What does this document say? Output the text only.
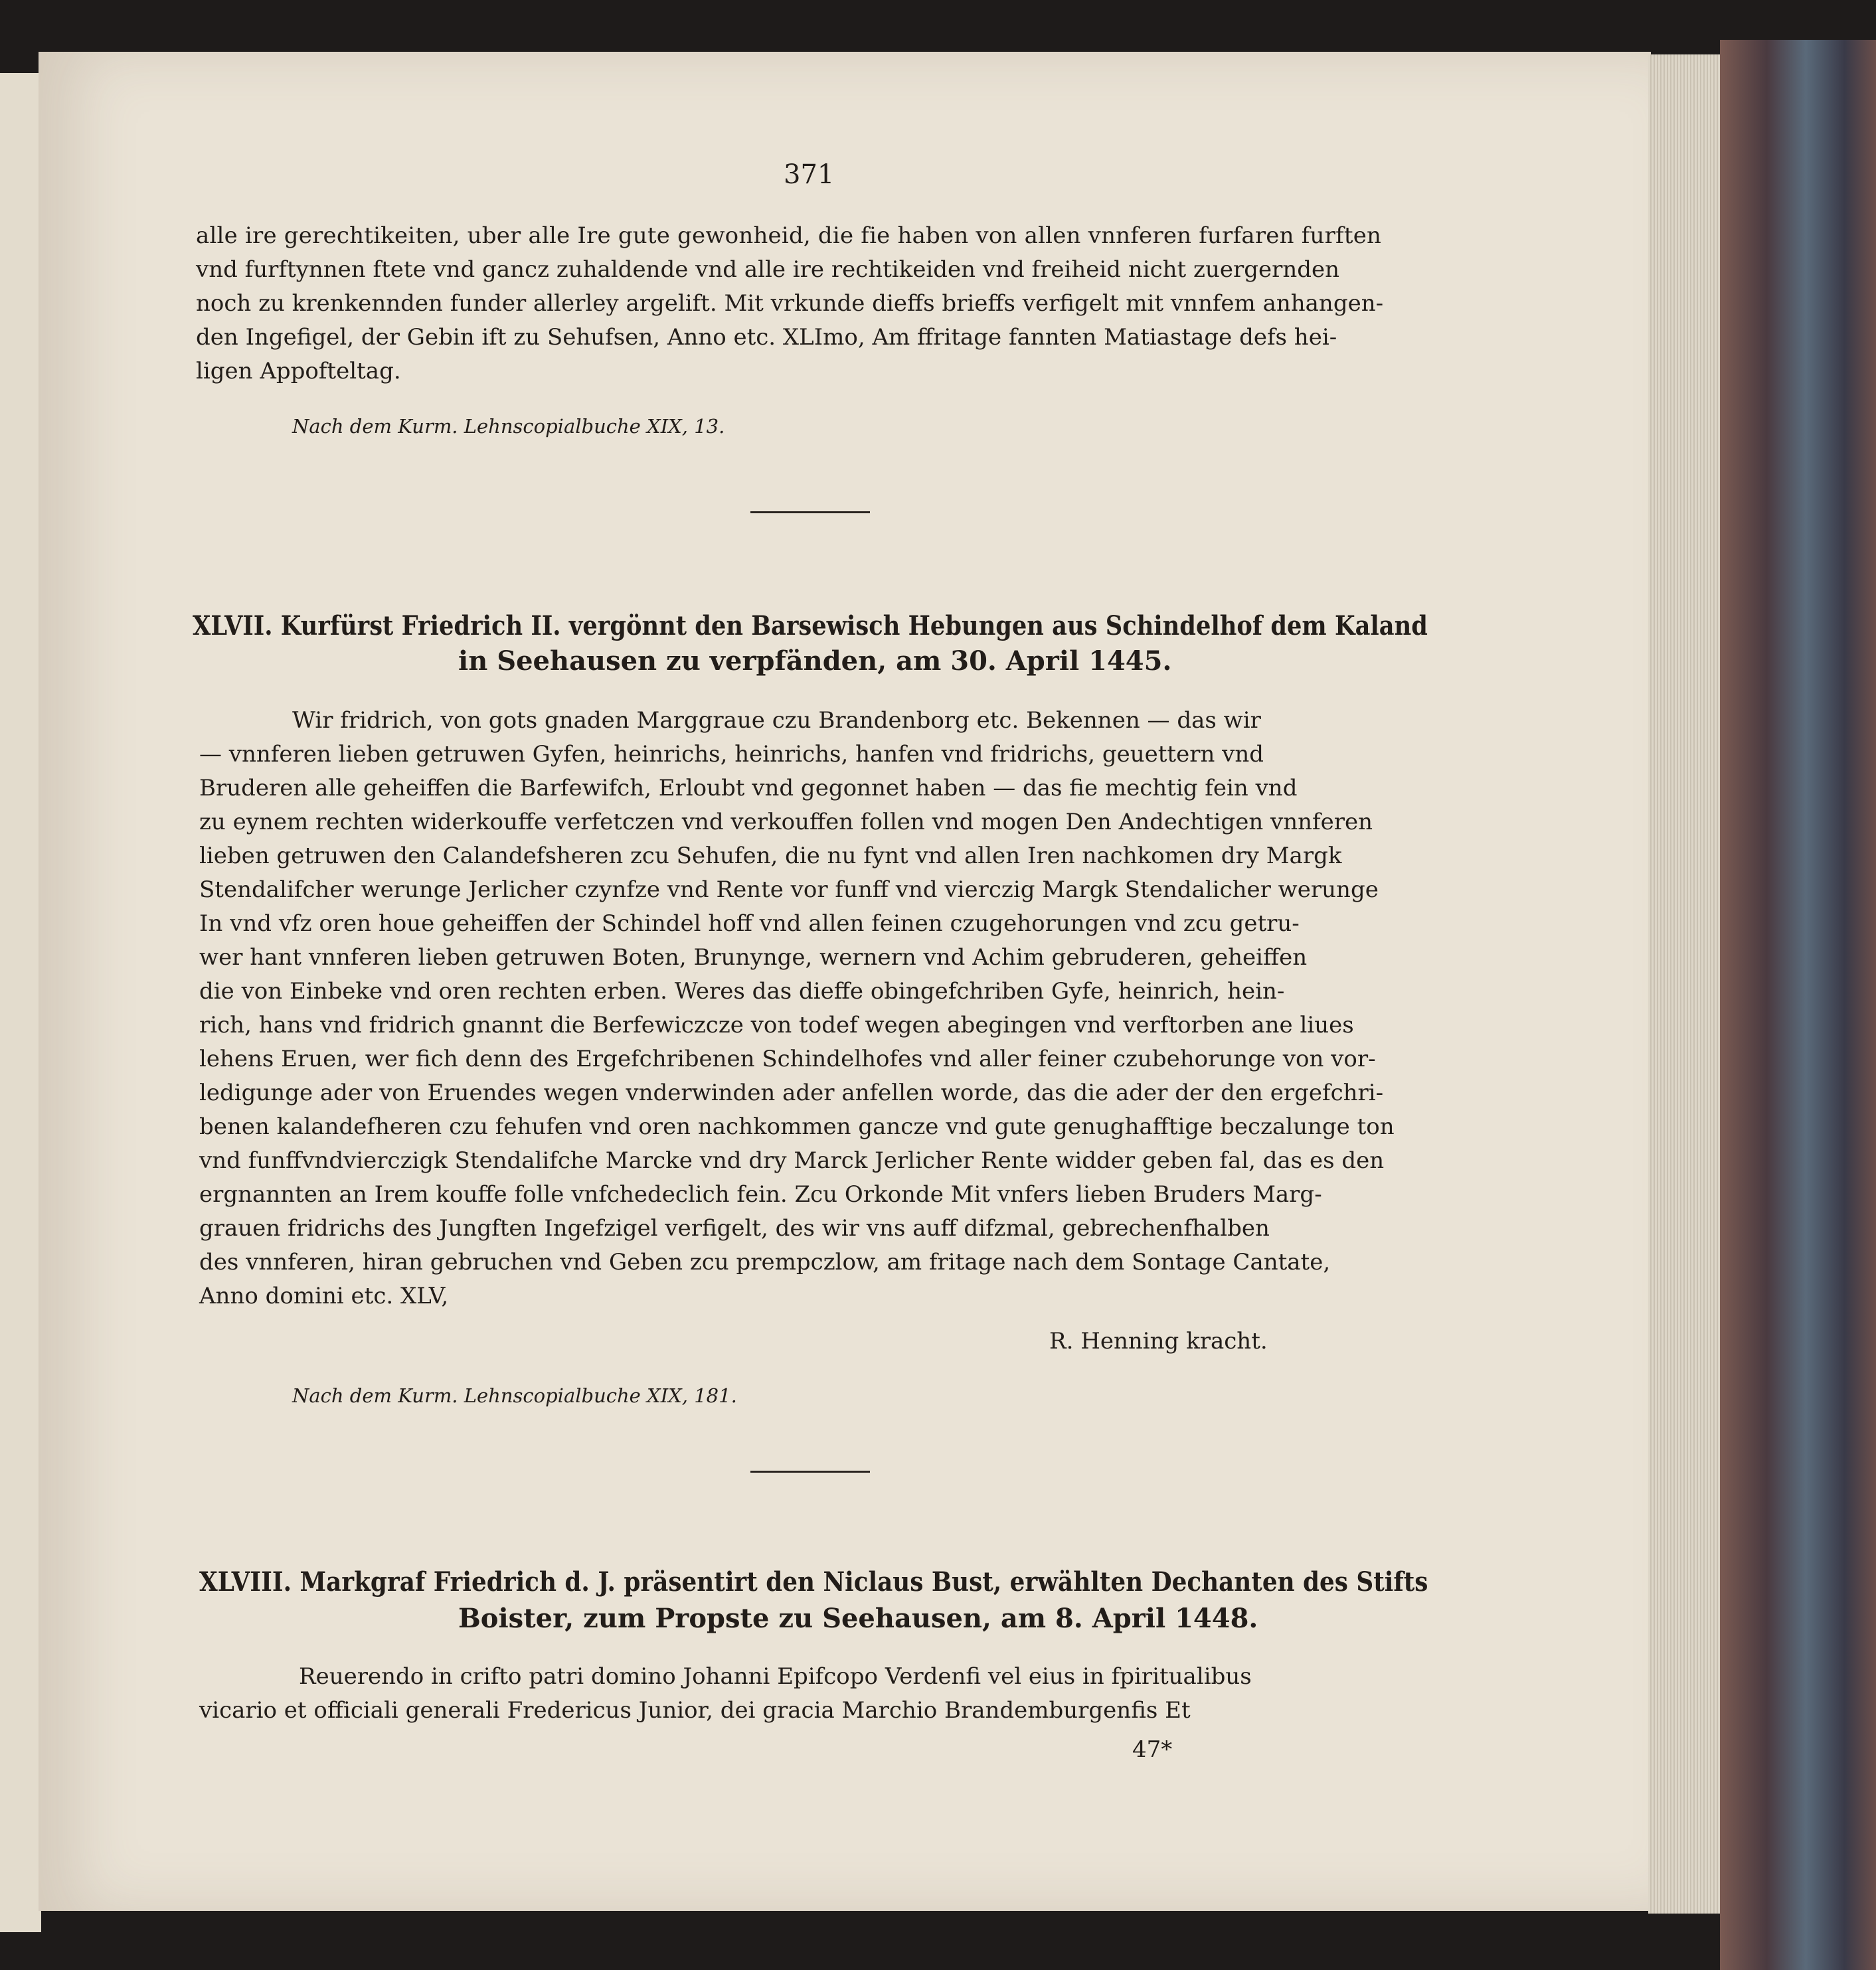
371
alle ire gerechtikeiten, uber alle Ire gute gewonheid, die fie haben von allen vnnferen furfaren furften
vnd furftynnen ftete vnd gancz zuhaldende vnd alle ire rechtikeiden vnd freiheid nicht zuergernden
noch zu krenkennden funder allerley argelift. Mit vrkunde dieffs brieffs verfigelt mit vnnfem anhangen-
den Ingefigel, der Gebin ift zu Sehufsen, Anno etc. XLImo, Am ffritage fannten Matiastage defs hei-
ligen Appofteltag.
Nach dem Kurm. Lehnscopialbuche XIX, 13.
XLVII. Kurfürst Friedrich II. vergönnt den Barsewisch Hebungen aus Schindelhof dem Kaland
in Seehausen zu verpfänden, am 30. April 1445.
Wir fridrich, von gots gnaden Marggraue czu Brandenborg etc. Bekennen — das wir
— vnnferen lieben getruwen Gyfen, heinrichs, heinrichs, hanfen vnd fridrichs, geuettern vnd
Bruderen alle geheiffen die Barfewifch, Erloubt vnd gegonnet haben — das fie mechtig fein vnd
zu eynem rechten widerkouffe verfetczen vnd verkouffen follen vnd mogen Den Andechtigen vnnferen
lieben getruwen den Calandefsheren zcu Sehufen, die nu fynt vnd allen Iren nachkomen dry Margk
Stendalifcher werunge Jerlicher czynfze vnd Rente vor funff vnd vierczig Margk Stendalicher werunge
In vnd vfz oren houe geheiffen der Schindel hoff vnd allen feinen czugehorungen vnd zcu getru-
wer hant vnnferen lieben getruwen Boten, Brunynge, wernern vnd Achim gebruderen, geheiffen
die von Einbeke vnd oren rechten erben. Weres das dieffe obingefchriben Gyfe, heinrich, hein-
rich, hans vnd fridrich gnannt die Berfewiczcze von todef wegen abegingen vnd verftorben ane liues
lehens Eruen, wer fich denn des Ergefchribenen Schindelhofes vnd aller feiner czubehorunge von vor-
ledigunge ader von Eruendes wegen vnderwinden ader anfellen worde, das die ader der den ergefchri-
benen kalandefheren czu fehufen vnd oren nachkommen gancze vnd gute genughafftige beczalunge ton
vnd funffvndvierczigk Stendalifche Marcke vnd dry Marck Jerlicher Rente widder geben fal, das es den
ergnannten an Irem kouffe folle vnfchedeclich fein. Zcu Orkonde Mit vnfers lieben Bruders Marg-
grauen fridrichs des Jungften Ingefzigel verfigelt, des wir vns auff difzmal, gebrechenfhalben
des vnnferen, hiran gebruchen vnd Geben zcu prempczlow, am fritage nach dem Sontage Cantate,
Anno domini etc. XLV,
R. Henning kracht.
Nach dem Kurm. Lehnscopialbuche XIX, 181.
XLVIII. Markgraf Friedrich d. J. präsentirt den Niclaus Bust, erwählten Dechanten des Stifts
Boister, zum Propste zu Seehausen, am 8. April 1448.
Reuerendo in crifto patri domino Johanni Epifcopo Verdenfi vel eius in fpiritualibus
vicario et officiali generali Fredericus Junior, dei gracia Marchio Brandemburgenfis Et
47*
